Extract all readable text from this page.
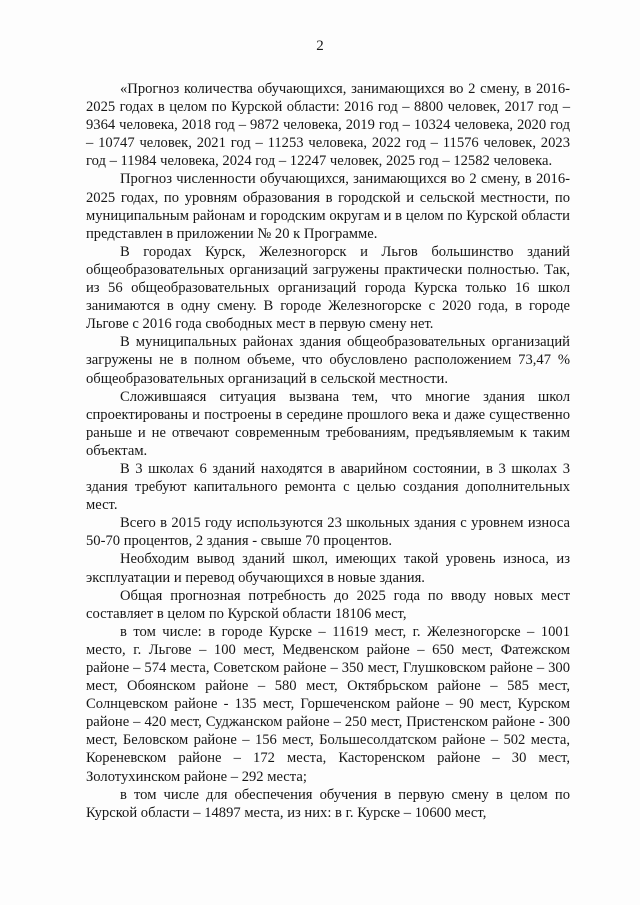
2

«Прогноз количества обучающихся, занимающихся во 2 смену, в 2016-2025 годах в целом по Курской области: 2016 год – 8800 человек, 2017 год – 9364 человека, 2018 год – 9872 человека, 2019 год – 10324 человека, 2020 год – 10747 человек, 2021 год – 11253 человека, 2022 год – 11576 человек, 2023 год – 11984 человека, 2024 год – 12247 человек, 2025 год – 12582 человека.

Прогноз численности обучающихся, занимающихся во 2 смену, в 2016-2025 годах, по уровням образования в городской и сельской местности, по муниципальным районам и городским округам и в целом по Курской области представлен в приложении № 20 к Программе.

В городах Курск, Железногорск и Льгов большинство зданий общеобразовательных организаций загружены практически полностью. Так, из 56 общеобразовательных организаций города Курска только 16 школ занимаются в одну смену. В городе Железногорске с 2020 года, в городе Льгове с 2016 года свободных мест в первую смену нет.

В муниципальных районах здания общеобразовательных организаций загружены не в полном объеме, что обусловлено расположением 73,47 % общеобразовательных организаций в сельской местности.

Сложившаяся ситуация вызвана тем, что многие здания школ спроектированы и построены в середине прошлого века и даже существенно раньше и не отвечают современным требованиям, предъявляемым к таким объектам.

В 3 школах 6 зданий находятся в аварийном состоянии, в 3 школах 3 здания требуют капитального ремонта с целью создания дополнительных мест.

Всего в 2015 году используются 23 школьных здания с уровнем износа 50-70 процентов, 2 здания - свыше 70 процентов.

Необходим вывод зданий школ, имеющих такой уровень износа, из эксплуатации и перевод обучающихся в новые здания.

Общая прогнозная потребность до 2025 года по вводу новых мест составляет в целом по Курской области 18106 мест,

в том числе: в городе Курске – 11619 мест, г. Железногорске – 1001 место, г. Льгове – 100 мест, Медвенском районе – 650 мест, Фатежском районе – 574 места, Советском районе – 350 мест, Глушковском районе – 300 мест, Обоянском районе – 580 мест, Октябрьском районе – 585 мест, Солнцевском районе - 135 мест, Горшеченском районе – 90 мест, Курском районе – 420 мест, Суджанском районе – 250 мест, Пристенском районе - 300 мест, Беловском районе – 156 мест, Большесолдатском районе – 502 места, Кореневском районе – 172 места, Касторенском районе – 30 мест, Золотухинском районе – 292 места;

в том числе для обеспечения обучения в первую смену в целом по Курской области – 14897 места, из них: в г. Курске – 10600 мест,
